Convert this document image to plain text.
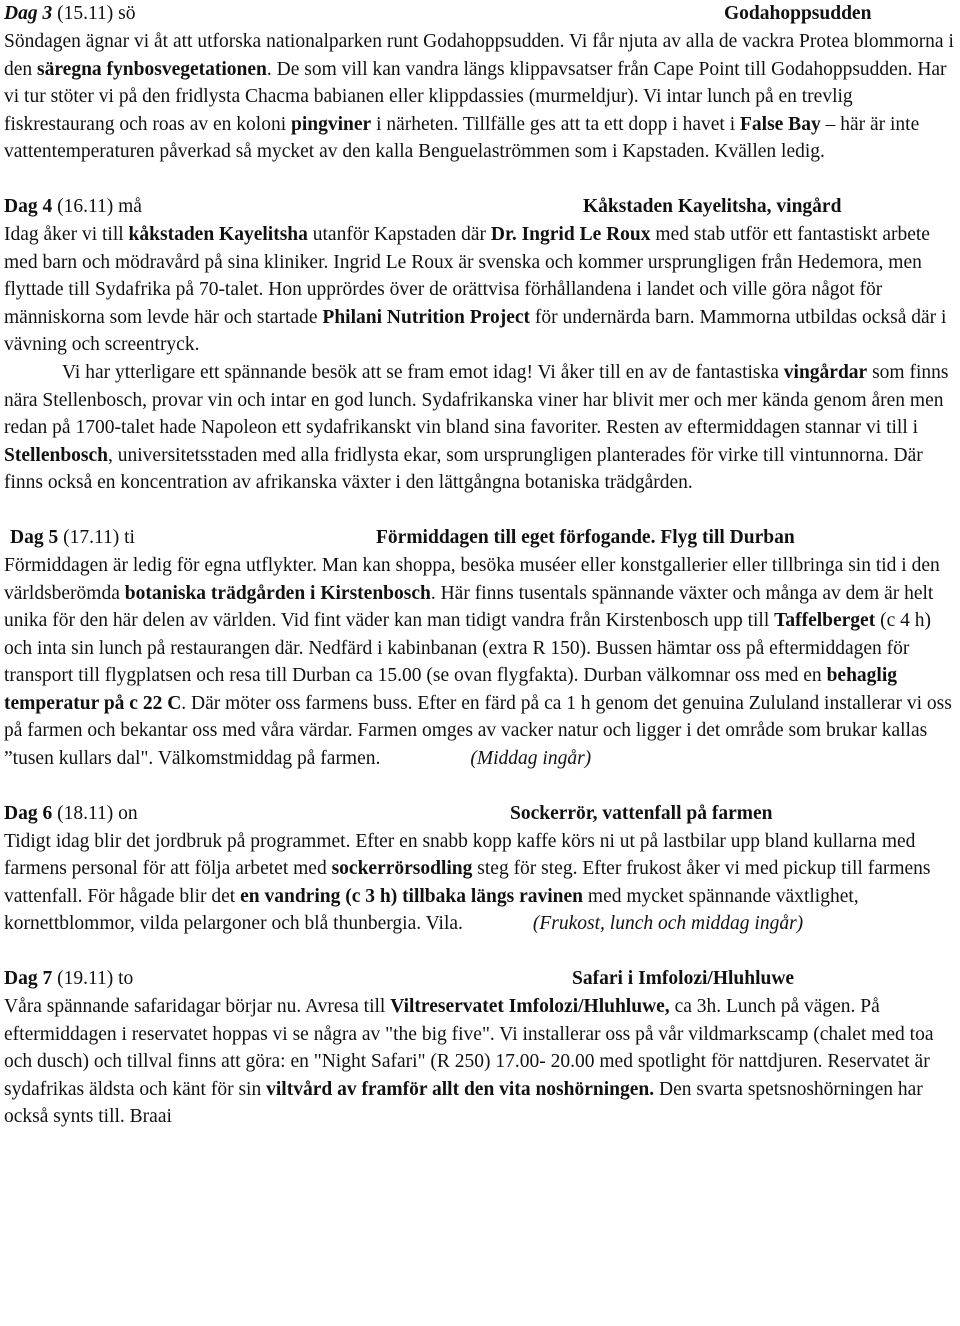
Dag 3 (15.11) sö	Godahoppsudden

Söndagen ägnar vi åt att utforska nationalparken runt Godahoppsudden. Vi får njuta av alla de vackra Protea blommorna i den säregna fynbosvegetationen. De som vill kan vandra längs klippavsatser från Cape Point till Godahoppsudden. Har vi tur stöter vi på den fridlysta Chacma babianen eller klippdassies (murmeldjur). Vi intar lunch på en trevlig fiskrestaurang och roas av en koloni pingviner i närheten. Tillfälle ges att ta ett dopp i havet i False Bay – här är inte vattentemperaturen påverkad så mycket av den kalla Benguelaströmmen som i Kapstaden. Kvällen ledig.

Dag 4 (16.11) må	Kåkstaden Kayelitsha, vingård

Idag åker vi till kåkstaden Kayelitsha utanför Kapstaden där Dr. Ingrid Le Roux med stab utför ett fantastiskt arbete med barn och mödravård på sina kliniker. Ingrid Le Roux är svenska och kommer ursprungligen från Hedemora, men flyttade till Sydafrika på 70-talet. Hon upprördes över de orättvisa förhållandena i landet och ville göra något för människorna som levde här och startade Philani Nutrition Project för undernärda barn. Mammorna utbildas också där i vävning och screentryck.

Vi har ytterligare ett spännande besök att se fram emot idag! Vi åker till en av de fantastiska vingårdar som finns nära Stellenbosch, provar vin och intar en god lunch. Sydafrikanska viner har blivit mer och mer kända genom åren men redan på 1700-talet hade Napoleon ett sydafrikanskt vin bland sina favoriter. Resten av eftermiddagen stannar vi till i Stellenbosch, universitetsstaden med alla fridlysta ekar, som ursprungligen planterades för virke till vintunnorna. Där finns också en koncentration av afrikanska växter i den lättgångna botaniska trädgården.

Dag 5 (17.11) ti	Förmiddagen till eget förfogande. Flyg till Durban

Förmiddagen är ledig för egna utflykter. Man kan shoppa, besöka muséer eller konstgallerier eller tillbringa sin tid i den världsberömda botaniska trädgården i Kirstenbosch. Här finns tusentals spännande växter och många av dem är helt unika för den här delen av världen. Vid fint väder kan man tidigt vandra från Kirstenbosch upp till Taffelberget (c 4 h) och inta sin lunch på restaurangen där. Nedfärd i kabinbanan (extra R 150). Bussen hämtar oss på eftermiddagen för transport till flygplatsen och resa till Durban ca 15.00 (se ovan flygfakta). Durban välkomnar oss med en behaglig temperatur på c 22 C. Där möter oss farmens buss. Efter en färd på ca 1 h genom det genuina Zululand installerar vi oss på farmen och bekantar oss med våra värdar. Farmen omges av vacker natur och ligger i det område som brukar kallas ”tusen kullars dal". Välkomstmiddag på farmen.	(Middag ingår)

Dag 6 (18.11) on	Sockerrör, vattenfall på farmen

Tidigt idag blir det jordbruk på programmet. Efter en snabb kopp kaffe körs ni ut på lastbilar upp bland kullarna med farmens personal för att följa arbetet med sockerrörsodling steg för steg. Efter frukost åker vi med pickup till farmens vattenfall. För hågade blir det en vandring (c 3 h) tillbaka längs ravinen med mycket spännande växtlighet, kornettblommor, vilda pelargoner och blå thunbergia. Vila.	(Frukost, lunch och middag ingår)

Dag 7 (19.11) to	Safari i Imfolozi/Hluhluwe

Våra spännande safaridagar börjar nu. Avresa till Viltreservatet Imfolozi/Hluhluwe, ca 3h. Lunch på vägen. På eftermiddagen i reservatet hoppas vi se några av "the big five". Vi installerar oss på vår vildmarkscamp (chalet med toa och dusch) och tillval finns att göra: en "Night Safari" (R 250) 17.00- 20.00 med spotlight för nattdjuren. Reservatet är sydafrikas äldsta och känt för sin viltvård av framför allt den vita noshörningen. Den svarta spetsnoshörningen har också synts till. Braai
